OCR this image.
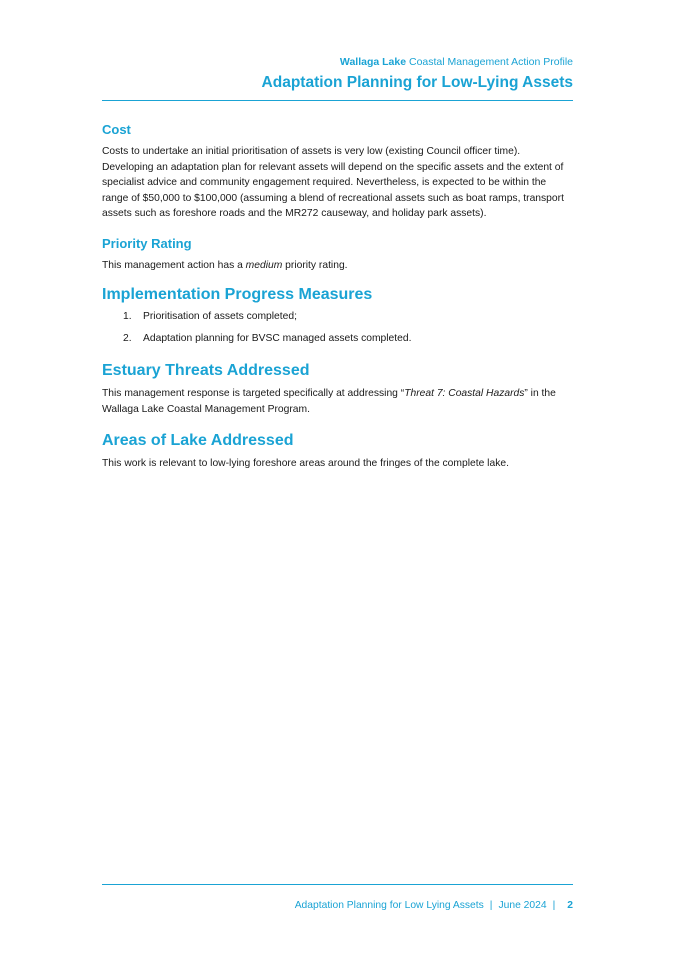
Wallaga Lake Coastal Management Action Profile
Adaptation Planning for Low-Lying Assets
Cost

Costs to undertake an initial prioritisation of assets is very low (existing Council officer time). Developing an adaptation plan for relevant assets will depend on the specific assets and the extent of specialist advice and community engagement required. Nevertheless, is expected to be within the range of $50,000 to $100,000 (assuming a blend of recreational assets such as boat ramps, transport assets such as foreshore roads and the MR272 causeway, and holiday park assets).

Priority Rating

This management action has a medium priority rating.

Implementation Progress Measures
1. Prioritisation of assets completed;
2. Adaptation planning for BVSC managed assets completed.
Estuary Threats Addressed

This management response is targeted specifically at addressing “Threat 7: Coastal Hazards” in the Wallaga Lake Coastal Management Program.

Areas of Lake Addressed

This work is relevant to low-lying foreshore areas around the fringes of the complete lake.

Adaptation Planning for Low Lying Assets | June 2024 | 2
